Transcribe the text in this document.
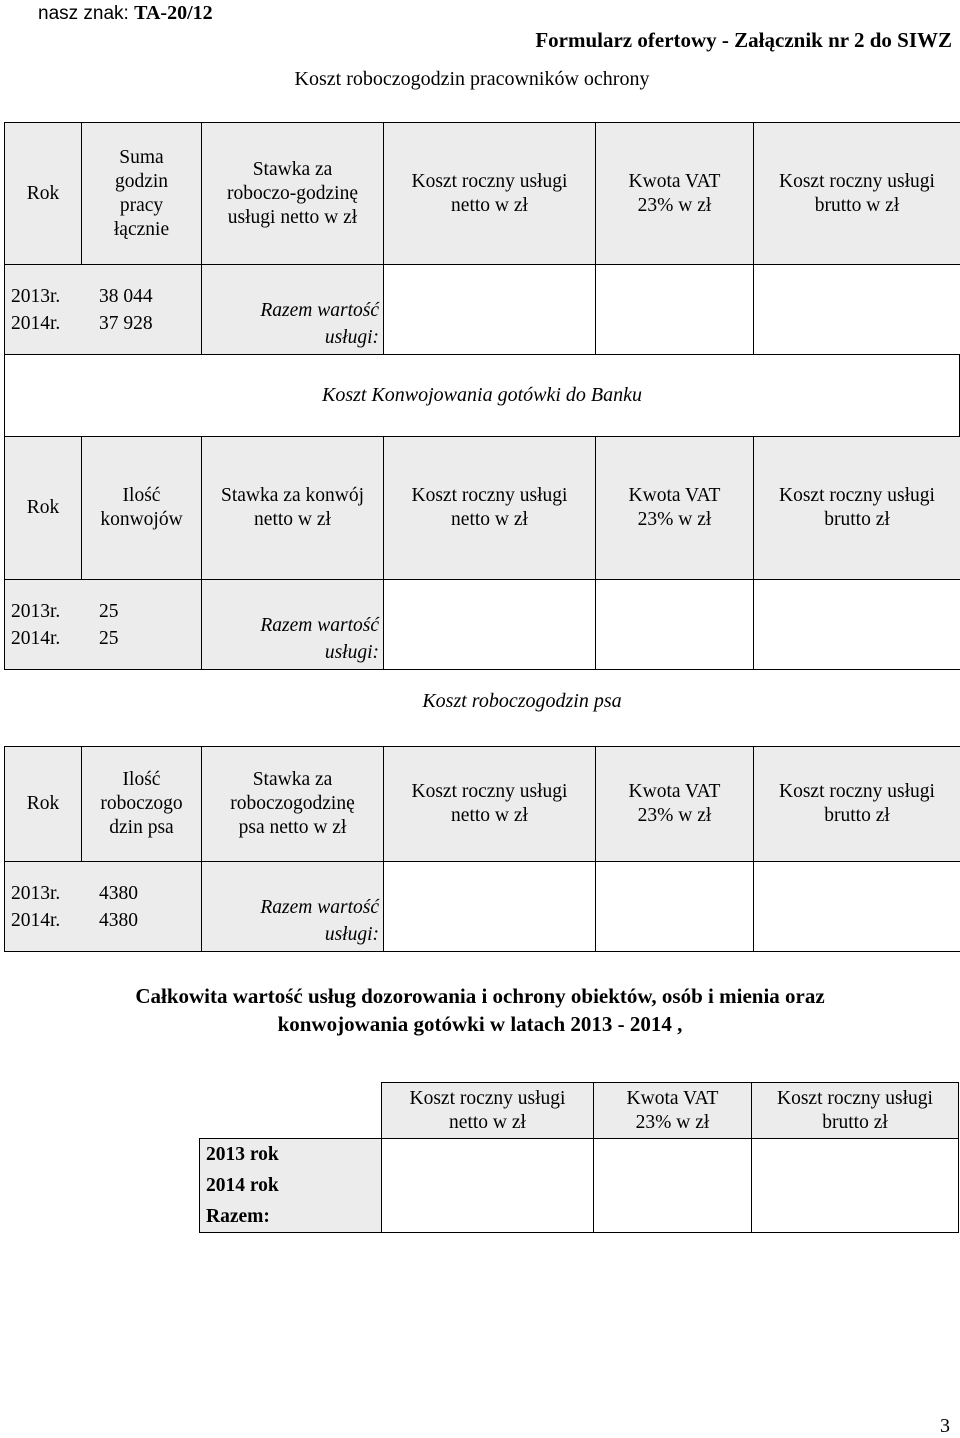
nasz znak: TA-20/12
Formularz ofertowy - Załącznik nr 2 do SIWZ
Koszt roboczogodzin pracowników ochrony
Rok	Suma
godzin
pracy
łącznie	Stawka za
roboczo-godzinę
usługi netto w zł	Koszt roczny usługi
netto w zł	Kwota VAT
23% w zł	Koszt roczny usługi
brutto w zł

2013r. 38 044
2014r. 37 928		Razem wartość usługi:			
Koszt Konwojowania gotówki do Banku
Rok	Ilość
konwojów	Stawka za konwój
netto w zł	Koszt roczny usługi
netto w zł	Kwota VAT
23% w zł	Koszt roczny usługi
brutto zł

2013r. 25
2014r. 25		Razem wartość usługi:			
Koszt roboczogodzin psa
Rok	Ilość
roboczogo
dzin psa	Stawka za
roboczogodzinę
psa netto w zł	Koszt roczny usługi
netto w zł	Kwota VAT
23% w zł	Koszt roczny usługi
brutto zł

2013r. 4380
2014r. 4380		Razem wartość usługi:			
Całkowita wartość usług dozorowania i ochrony obiektów, osób i mienia oraz
konwojowania gotówki w latach 2013 - 2014 ,
	Koszt roczny usługi
netto w zł	Kwota VAT
23% w zł	Koszt roczny usługi
brutto zł

2013 rok
2014 rok
Razem:			

3
